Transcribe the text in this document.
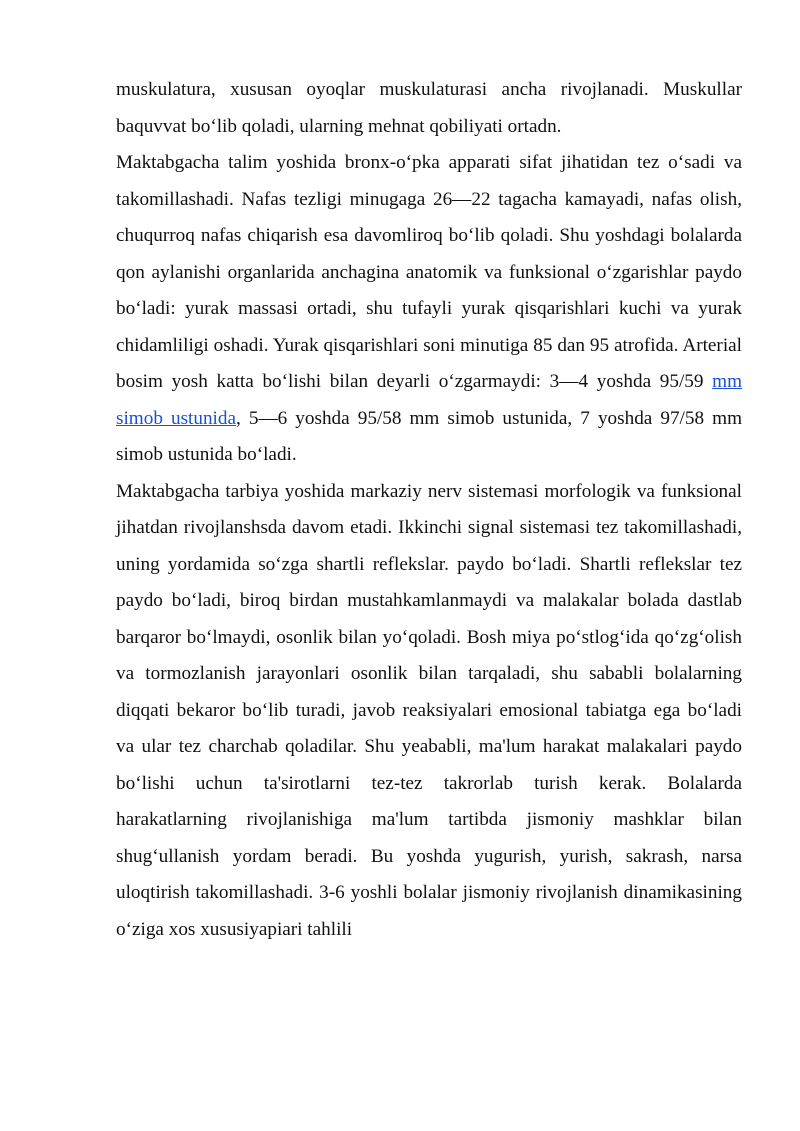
muskulatura, xususan oyoqlar muskulaturasi ancha rivojlanadi. Muskullar baquvvat bo‘lib qoladi, ularning mehnat qobiliyati ortadn.

Maktabgacha talim yoshida bronx-o‘pka apparati sifat jihatidan tez o‘sadi va takomillashadi. Nafas tezligi minugaga 26—22 tagacha kamayadi, nafas olish, chuqurroq nafas chiqarish esa davomliroq bo‘lib qoladi. Shu yoshdagi bolalarda qon aylanishi organlarida anchagina anatomik va funksional o‘zgarishlar paydo bo‘ladi: yurak massasi ortadi, shu tufayli yurak qisqarishlari kuchi va yurak chidamliligi oshadi. Yurak qisqarishlari soni minutiga 85 dan 95 atrofida. Arterial bosim yosh katta bo‘lishi bilan deyarli o‘zgarmaydi: 3—4 yoshda 95/59 mm simob ustunida, 5—6 yoshda 95/58 mm simob ustunida, 7 yoshda 97/58 mm simob ustunida bo‘ladi.

Maktabgacha tarbiya yoshida markaziy nerv sistemasi morfologik va funksional jihatdan rivojlanshsda davom etadi. Ikkinchi signal sistemasi tez takomillashadi, uning yordamida so‘zga shartli reflekslar. paydo bo‘ladi. Shartli reflekslar tez paydo bo‘ladi, biroq birdan mustahkamlanmaydi va malakalar bolada dastlab barqaror bo‘lmaydi, osonlik bilan yo‘qoladi. Bosh miya po‘stlog‘ida qo‘zg‘olish va tormozlanish jarayonlari osonlik bilan tarqaladi, shu sababli bolalarning diqqati bekaror bo‘lib turadi, javob reaksiyalari emosional tabiatga ega bo‘ladi va ular tez charchab qoladilar. Shu yeababli, ma'lum harakat malakalari paydo bo‘lishi uchun ta'sirotlarni tez-tez takrorlab turish kerak. Bolalarda harakatlarning rivojlanishiga ma'lum tartibda jismoniy mashklar bilan shug‘ullanish yordam beradi. Bu yoshda yugurish, yurish, sakrash, narsa uloqtirish takomillashadi. 3-6 yoshli bolalar jismoniy rivojlanish dinamikasining o‘ziga xos xususiyapiari tahlili
